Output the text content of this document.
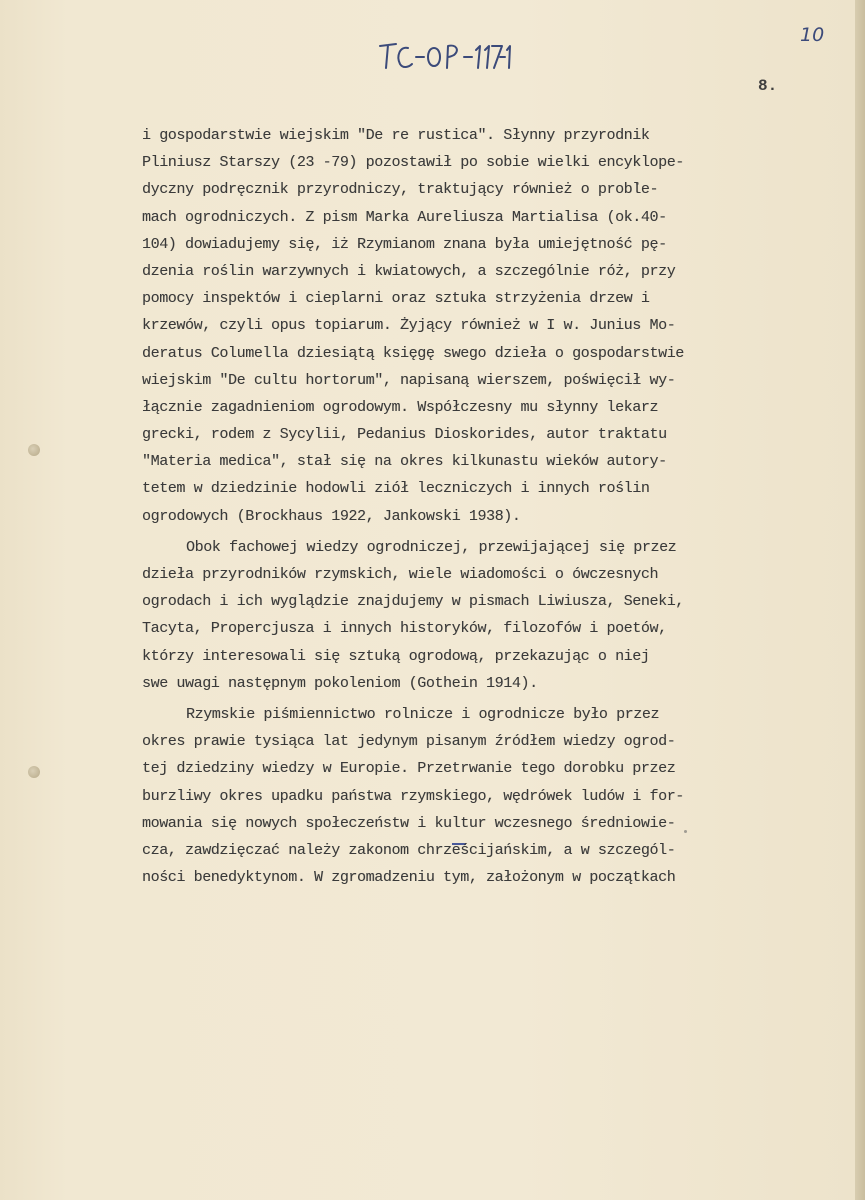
10

8.

i gospodarstwie wiejskim "De re rustica". Słynny przyrodnik
Pliniusz Starszy (23 -79) pozostawił po sobie wielki encyklope-
dyczny podręcznik przyrodniczy, traktujący również o proble-
mach ogrodniczych. Z pism Marka Aureliusza Martialisa (ok.40-
104) dowiadujemy się, iż Rzymianom znana była umiejętność pę-
dzenia roślin warzywnych i kwiatowych, a szczególnie róż, przy
pomocy inspektów i cieplarni oraz sztuka strzyżenia drzew i
krzewów, czyli opus topiarum. Żyjący również w I w. Junius Mo-
deratus Columella dziesiątą księgę swego dzieła o gospodarstwie
wiejskim "De cultu hortorum", napisaną wierszem, poświęcił wy-
łącznie zagadnieniom ogrodowym. Współczesny mu słynny lekarz
grecki, rodem z Sycylii, Pedanius Dioskorides, autor traktatu
"Materia medica", stał się na okres kilkunastu wieków autory-
tetem w dziedzinie hodowli ziół leczniczych i innych roślin
ogrodowych (Brockhaus 1922, Jankowski 1938).
Obok fachowej wiedzy ogrodniczej, przewijającej się przez
dzieła przyrodników rzymskich, wiele wiadomości o ówczesnych
ogrodach i ich wyglądzie znajdujemy w pismach Liwiusza, Seneki,
Tacyta, Propercjusza i innych historyków, filozofów i poetów,
którzy interesowali się sztuką ogrodową, przekazując o niej
swe uwagi następnym pokoleniom (Gothein 1914).
Rzymskie piśmiennictwo rolnicze i ogrodnicze było przez
okres prawie tysiąca lat jedynym pisanym źródłem wiedzy ogrod-
tej dziedziny wiedzy w Europie. Przetrwanie tego dorobku przez
burzliwy okres upadku państwa rzymskiego, wędrówek ludów i for-
mowania się nowych społeczeństw i kultur wczesnego średniowie-
cza, zawdzięczać należy zakonom chrześcijańskim, a w szczegól-
ności benedyktynom. W zgromadzeniu tym, założonym w początkach
